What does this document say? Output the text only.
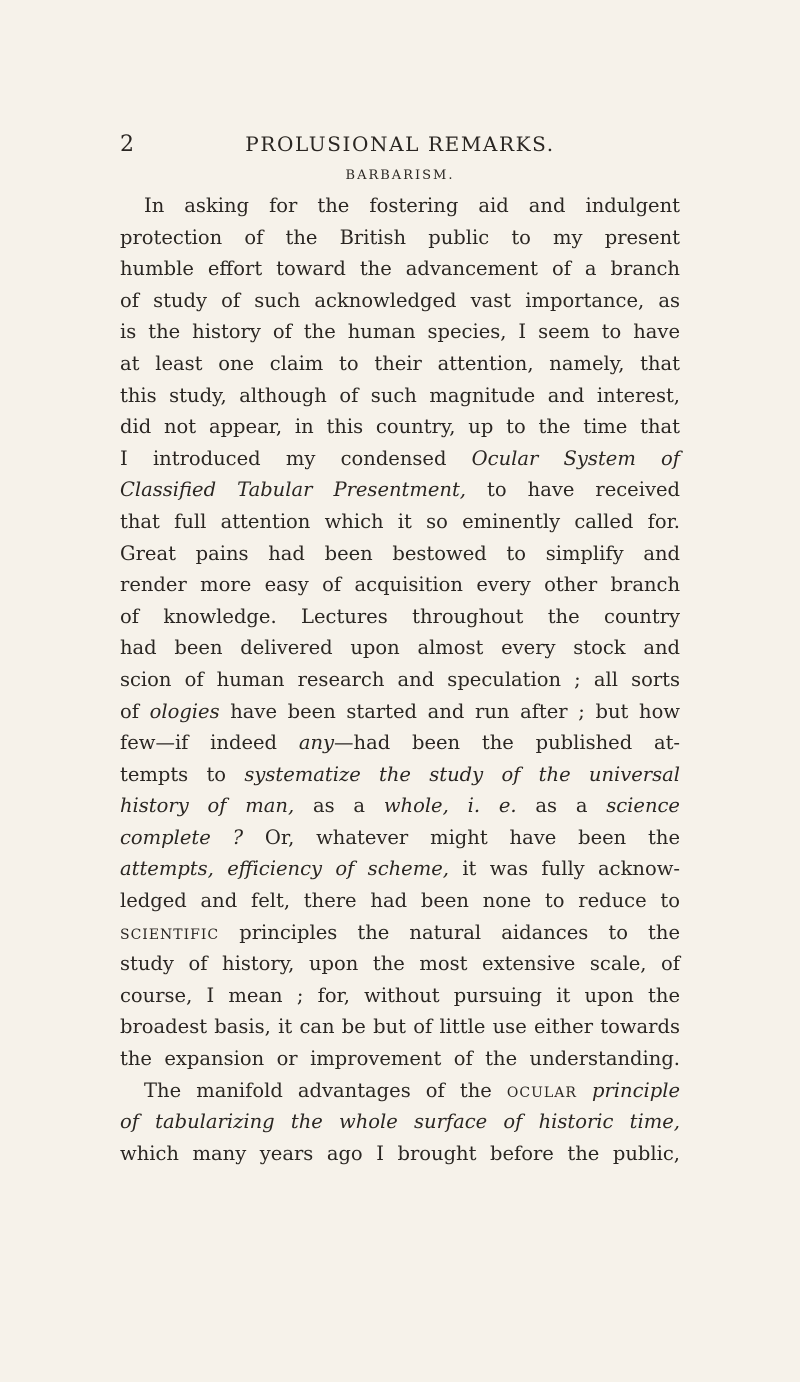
2	PROLUSIONAL REMARKS.
BARBARISM.
In asking for the fostering aid and indulgent
protection of the British public to my present
humble effort toward the advancement of a branch
of study of such acknowledged vast importance, as
is the history of the human species, I seem to have
at least one claim to their attention, namely, that
this study, although of such magnitude and interest,
did not appear, in this country, up to the time that
I introduced my condensed Ocular System of
Classified Tabular Presentment, to have received
that full attention which it so eminently called for.
Great pains had been bestowed to simplify and
render more easy of acquisition every other branch
of knowledge. Lectures throughout the country
had been delivered upon almost every stock and
scion of human research and speculation ; all sorts
of ologies have been started and run after ; but how
few—if indeed any—had been the published at-
tempts to systematize the study of the universal
history of man, as a whole, i. e. as a science
complete ? Or, whatever might have been the
attempts, efficiency of scheme, it was fully acknow-
ledged and felt, there had been none to reduce to
scientific principles the natural aidances to the
study of history, upon the most extensive scale, of
course, I mean ; for, without pursuing it upon the
broadest basis, it can be but of little use either towards
the expansion or improvement of the understanding.
The manifold advantages of the ocular principle
of tabularizing the whole surface of historic time,
which many years ago I brought before the public,
